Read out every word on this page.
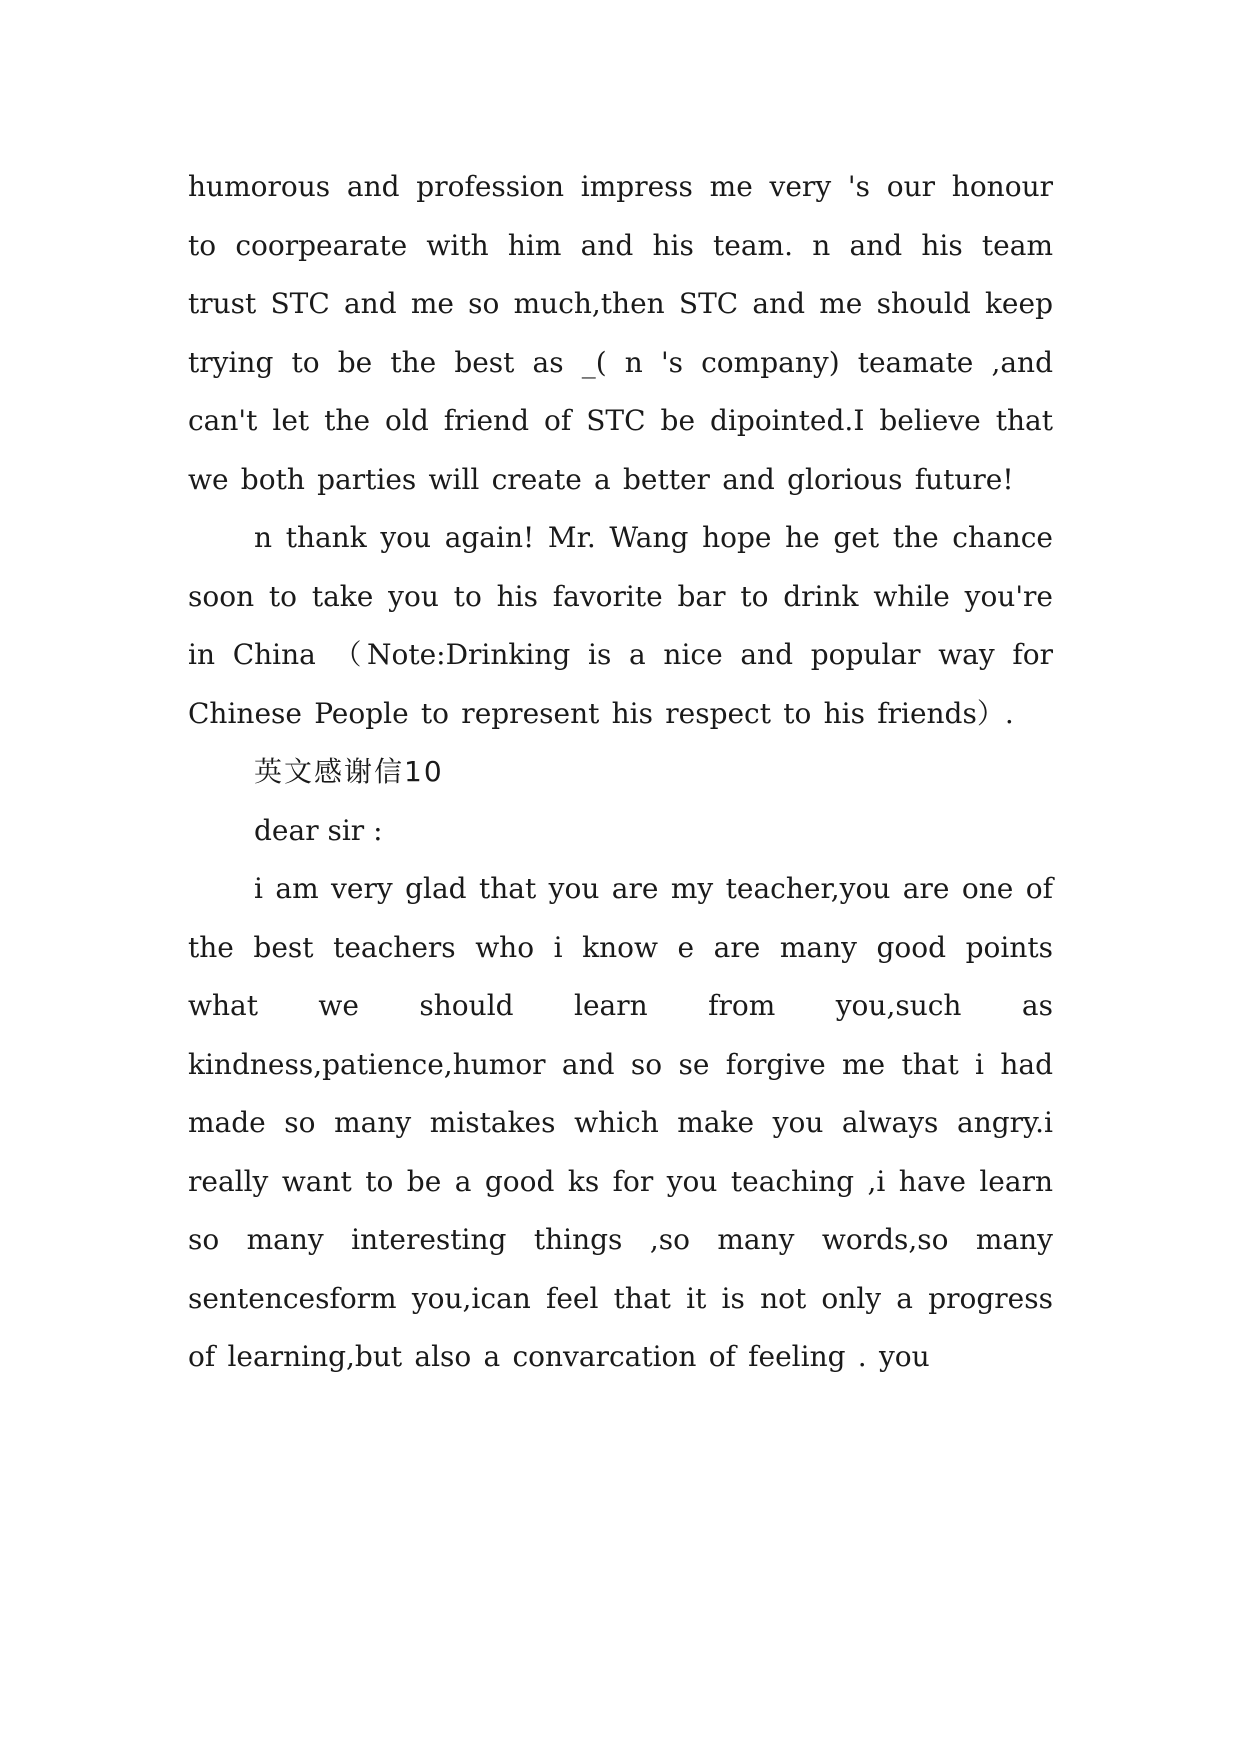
humorous and profession impress me very 's our honour to coorpearate with him and his team. n and his team trust STC and me so much,then STC and me should keep trying to be the best as _( n 's company) teamate ,and can't let the old friend of STC be dipointed.I believe that we both parties will create a better and glorious future!

n thank you again! Mr. Wang hope he get the chance soon to take you to his favorite bar to drink while you're in China （Note:Drinking is a nice and popular way for Chinese People to represent his respect to his friends）.

英文感谢信10

dear sir :

i am very glad that you are my teacher,you are one of the best teachers who i know e are many good points what we should learn from you,such as kindness,patience,humor and so se forgive me that i had made so many mistakes which make you always angry.i really want to be a good ks for you teaching ,i have learn so many interesting things ,so many words,so many sentencesform you,ican feel that it is not only a progress of learning,but also a convarcation of feeling . you
